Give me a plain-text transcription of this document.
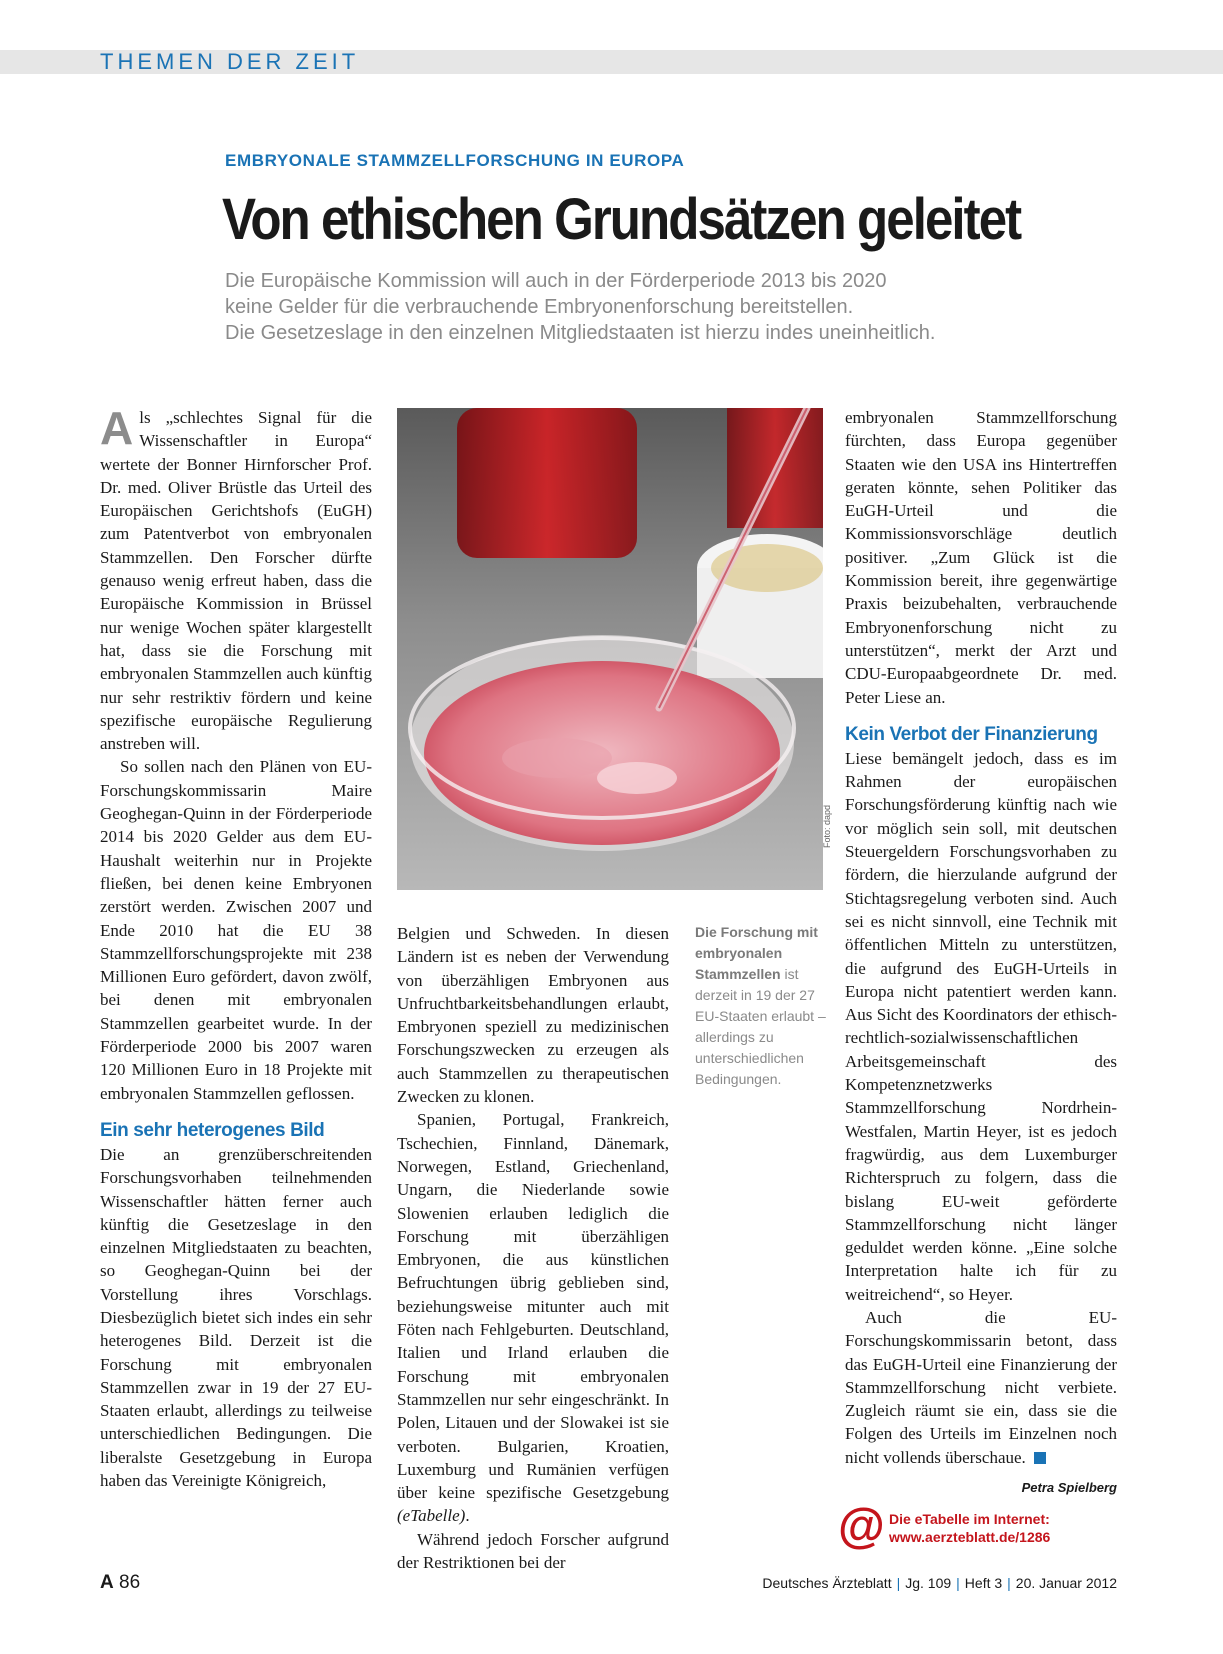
THEMEN DER ZEIT
EMBRYONALE STAMMZELLFORSCHUNG IN EUROPA
Von ethischen Grundsätzen geleitet
Die Europäische Kommission will auch in der Förderperiode 2013 bis 2020
keine Gelder für die verbrauchende Embryonenforschung bereitstellen.
Die Gesetzeslage in den einzelnen Mitgliedstaaten ist hierzu indes uneinheitlich.

Als „schlechtes Signal für die Wissenschaftler in Europa“ wertete der Bonner Hirnforscher Prof. Dr. med. Oliver Brüstle das Urteil des Europäischen Gerichtshofs (EuGH) zum Patentverbot von embryonalen Stammzellen. Den Forscher dürfte genauso wenig erfreut haben, dass die Europäische Kommission in Brüssel nur wenige Wochen später klargestellt hat, dass sie die Forschung mit embryonalen Stammzellen auch künftig nur sehr restriktiv fördern und keine spezifische europäische Regulierung anstreben will.

So sollen nach den Plänen von EU-Forschungskommissarin Maire Geoghegan-Quinn in der Förderperiode 2014 bis 2020 Gelder aus dem EU-Haushalt weiterhin nur in Projekte fließen, bei denen keine Embryonen zerstört werden. Zwischen 2007 und Ende 2010 hat die EU 38 Stammzellforschungsprojekte mit 238 Millionen Euro gefördert, davon zwölf, bei denen mit embryonalen Stammzellen gearbeitet wurde. In der Förderperiode 2000 bis 2007 waren 120 Millionen Euro in 18 Projekte mit embryonalen Stammzellen geflossen.

Ein sehr heterogenes Bild

Die an grenzüberschreitenden Forschungsvorhaben teilnehmenden Wissenschaftler hätten ferner auch künftig die Gesetzeslage in den einzelnen Mitgliedstaaten zu beachten, so Geoghegan-Quinn bei der Vorstellung ihres Vorschlags. Diesbezüglich bietet sich indes ein sehr heterogenes Bild. Derzeit ist die Forschung mit embryonalen Stammzellen zwar in 19 der 27 EU-Staaten erlaubt, allerdings zu teilweise unterschiedlichen Bedingungen. Die liberalste Gesetzgebung in Europa haben das Vereinigte Königreich,

Foto: dapd
Die Forschung mit embryonalen Stammzellen ist derzeit in 19 der 27 EU-Staaten erlaubt – allerdings zu unterschiedlichen Bedingungen.

Belgien und Schweden. In diesen Ländern ist es neben der Verwendung von überzähligen Embryonen aus Unfruchtbarkeitsbehandlungen erlaubt, Embryonen speziell zu medizinischen Forschungszwecken zu erzeugen als auch Stammzellen zu therapeutischen Zwecken zu klonen.

Spanien, Portugal, Frankreich, Tschechien, Finnland, Dänemark, Norwegen, Estland, Griechenland, Ungarn, die Niederlande sowie Slowenien erlauben lediglich die Forschung mit überzähligen Embryonen, die aus künstlichen Befruchtungen übrig geblieben sind, beziehungsweise mitunter auch mit Föten nach Fehlgeburten. Deutschland, Italien und Irland erlauben die Forschung mit embryonalen Stammzellen nur sehr eingeschränkt. In Polen, Litauen und der Slowakei ist sie verboten. Bulgarien, Kroatien, Luxemburg und Rumänien verfügen über keine spezifische Gesetzgebung (eTabelle).

Während jedoch Forscher aufgrund der Restriktionen bei der

embryonalen Stammzellforschung fürchten, dass Europa gegenüber Staaten wie den USA ins Hintertreffen geraten könnte, sehen Politiker das EuGH-Urteil und die Kommissionsvorschläge deutlich positiver. „Zum Glück ist die Kommission bereit, ihre gegenwärtige Praxis beizubehalten, verbrauchende Embryonenforschung nicht zu unterstützen“, merkt der Arzt und CDU-Europaabgeordnete Dr. med. Peter Liese an.

Kein Verbot der Finanzierung

Liese bemängelt jedoch, dass es im Rahmen der europäischen Forschungsförderung künftig nach wie vor möglich sein soll, mit deutschen Steuergeldern Forschungsvorhaben zu fördern, die hierzulande aufgrund der Stichtagsregelung verboten sind. Auch sei es nicht sinnvoll, eine Technik mit öffentlichen Mitteln zu unterstützen, die aufgrund des EuGH-Urteils in Europa nicht patentiert werden kann. Aus Sicht des Koordinators der ethisch-rechtlich-sozialwissenschaftlichen Arbeitsgemeinschaft des Kompetenznetzwerks Stammzellforschung Nordrhein-Westfalen, Martin Heyer, ist es jedoch fragwürdig, aus dem Luxemburger Richterspruch zu folgern, dass die bislang EU-weit geförderte Stammzellforschung nicht länger geduldet werden könne. „Eine solche Interpretation halte ich für zu weitreichend“, so Heyer.

Auch die EU-Forschungskommissarin betont, dass das EuGH-Urteil eine Finanzierung der Stammzellforschung nicht verbiete. Zugleich räumt sie ein, dass sie die Folgen des Urteils im Einzelnen noch nicht vollends überschaue.

Petra Spielberg
@ Die eTabelle im Internet:
www.aerzteblatt.de/1286
A 86	Deutsches Ärzteblatt | Jg. 109 | Heft 3 | 20. Januar 2012
